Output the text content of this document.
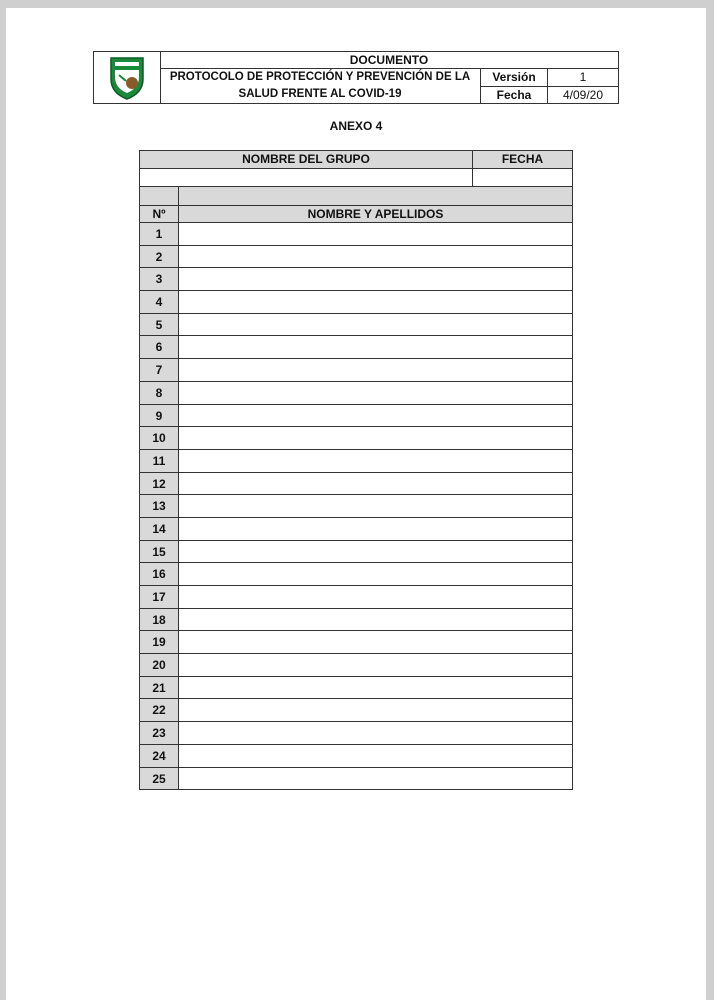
DOCUMENTO
PROTOCOLO DE PROTECCIÓN Y PREVENCIÓN DE LA
SALUD FRENTE AL COVID-19
Versión	1
Fecha	4/09/20
ANEXO 4
NOMBRE DEL GRUPO	FECHA
Nº	NOMBRE Y APELLIDOS
1
2
3
4
5
6
7
8
9
10
11
12
13
14
15
16
17
18
19
20
21
22
23
24
25
